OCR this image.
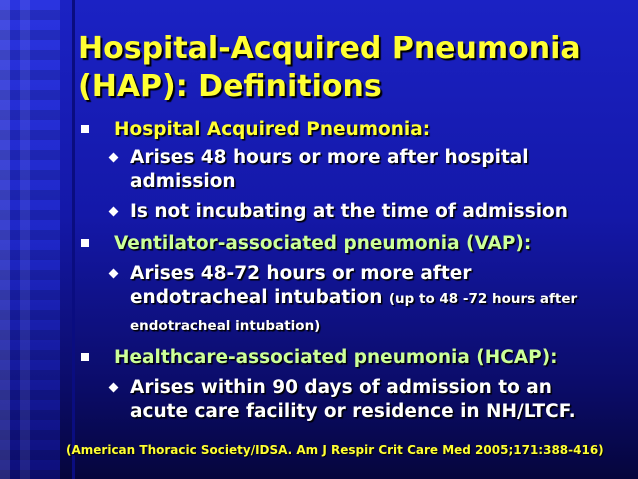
Hospital-Acquired Pneumonia
(HAP): Definitions
Hospital Acquired Pneumonia:
Arises 48 hours or more after hospital
admission
Is not incubating at the time of admission
Ventilator-associated pneumonia (VAP):
Arises 48-72 hours or more after
endotracheal intubation (up to 48 -72 hours after
endotracheal intubation)
Healthcare-associated pneumonia (HCAP):
Arises within 90 days of admission to an
acute care facility or residence in NH/LTCF.
(American Thoracic Society/IDSA. Am J Respir Crit Care Med 2005;171:388-416)
